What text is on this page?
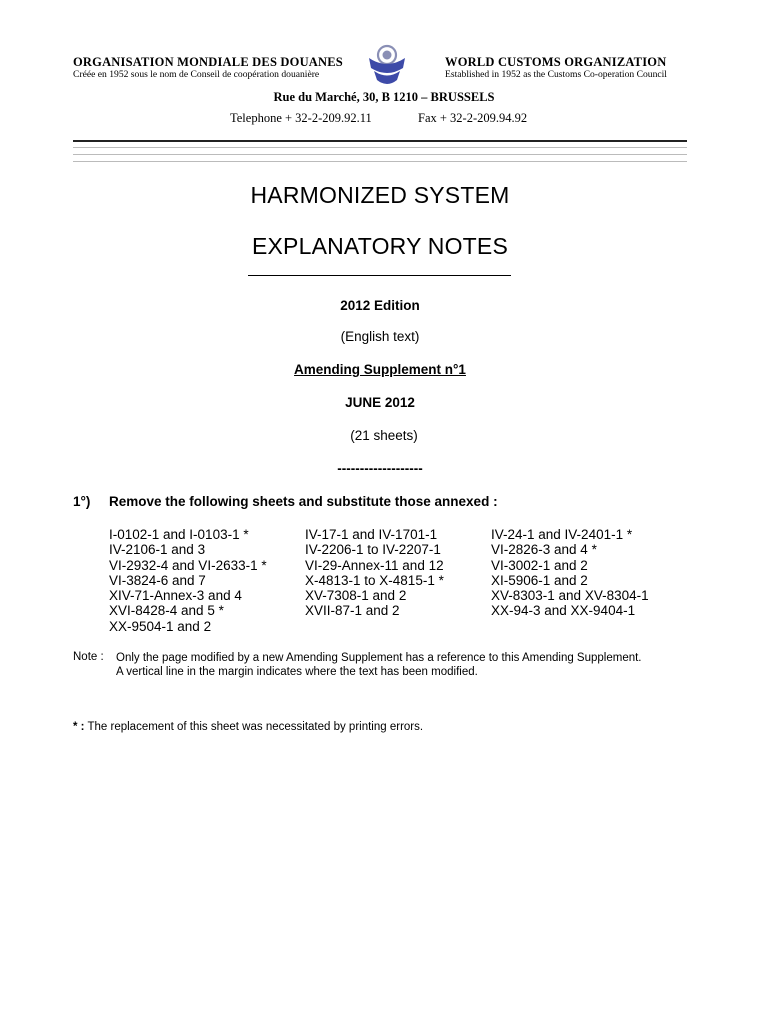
ORGANISATION MONDIALE DES DOUANES
Créée en 1952 sous le nom de Conseil de coopération douanière
WORLD CUSTOMS ORGANIZATION
Established in 1952 as the Customs Co-operation Council
Rue du Marché, 30, B 1210 – BRUSSELS
Telephone + 32-2-209.92.11	Fax + 32-2-209.94.92
HARMONIZED SYSTEM
EXPLANATORY NOTES
2012 Edition
(English text)
Amending Supplement n°1
JUNE 2012
(21 sheets)
-------------------
1°) Remove the following sheets and substitute those annexed :
I-0102-1 and I-0103-1 *
IV-2106-1 and 3
VI-2932-4 and VI-2633-1 *
VI-3824-6 and 7
XIV-71-Annex-3 and 4
XVI-8428-4 and 5 *
XX-9504-1 and 2
IV-17-1 and IV-1701-1
IV-2206-1 to IV-2207-1
VI-29-Annex-11 and 12
X-4813-1 to X-4815-1 *
XV-7308-1 and 2
XVII-87-1 and 2
IV-24-1 and IV-2401-1 *
VI-2826-3 and 4 *
VI-3002-1 and 2
XI-5906-1 and 2
XV-8303-1 and XV-8304-1
XX-94-3 and XX-9404-1
Note : Only the page modified by a new Amending Supplement has a reference to this Amending Supplement.
A vertical line in the margin indicates where the text has been modified.
* : The replacement of this sheet was necessitated by printing errors.
